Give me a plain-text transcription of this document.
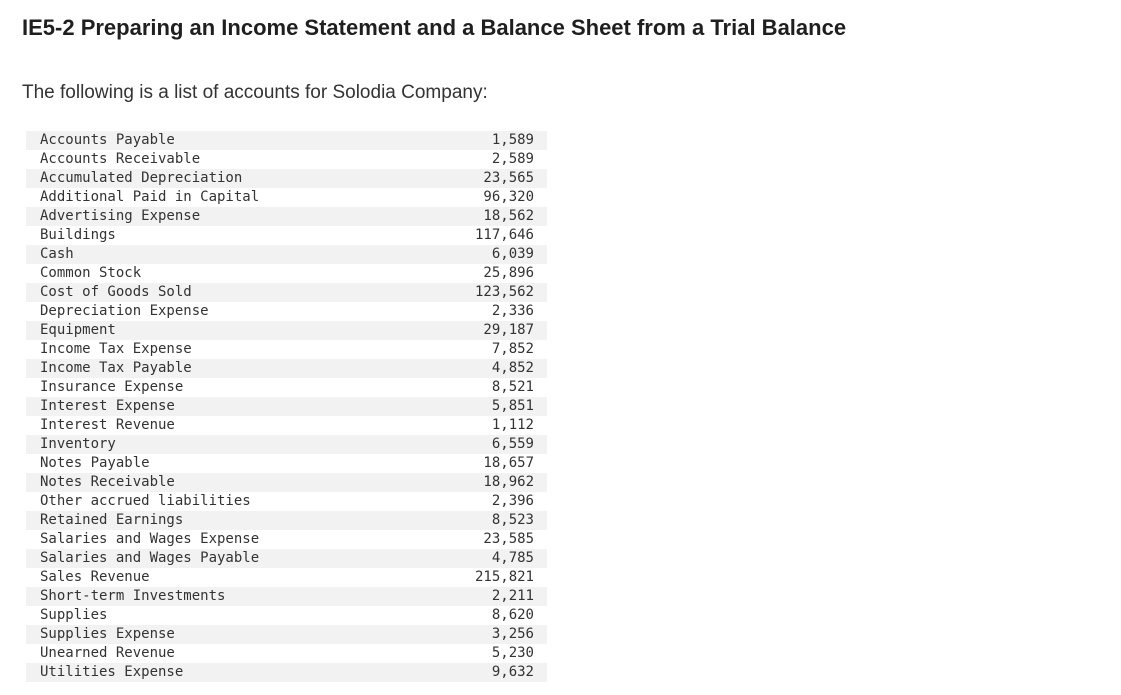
IE5-2 Preparing an Income Statement and a Balance Sheet from a Trial Balance

The following is a list of accounts for Solodia Company:

Accounts Payable	1,589
Accounts Receivable	2,589
Accumulated Depreciation	23,565
Additional Paid in Capital	96,320
Advertising Expense	18,562
Buildings	117,646
Cash	6,039
Common Stock	25,896
Cost of Goods Sold	123,562
Depreciation Expense	2,336
Equipment	29,187
Income Tax Expense	7,852
Income Tax Payable	4,852
Insurance Expense	8,521
Interest Expense	5,851
Interest Revenue	1,112
Inventory	6,559
Notes Payable	18,657
Notes Receivable	18,962
Other accrued liabilities	2,396
Retained Earnings	8,523
Salaries and Wages Expense	23,585
Salaries and Wages Payable	4,785
Sales Revenue	215,821
Short-term Investments	2,211
Supplies	8,620
Supplies Expense	3,256
Unearned Revenue	5,230
Utilities Expense	9,632
